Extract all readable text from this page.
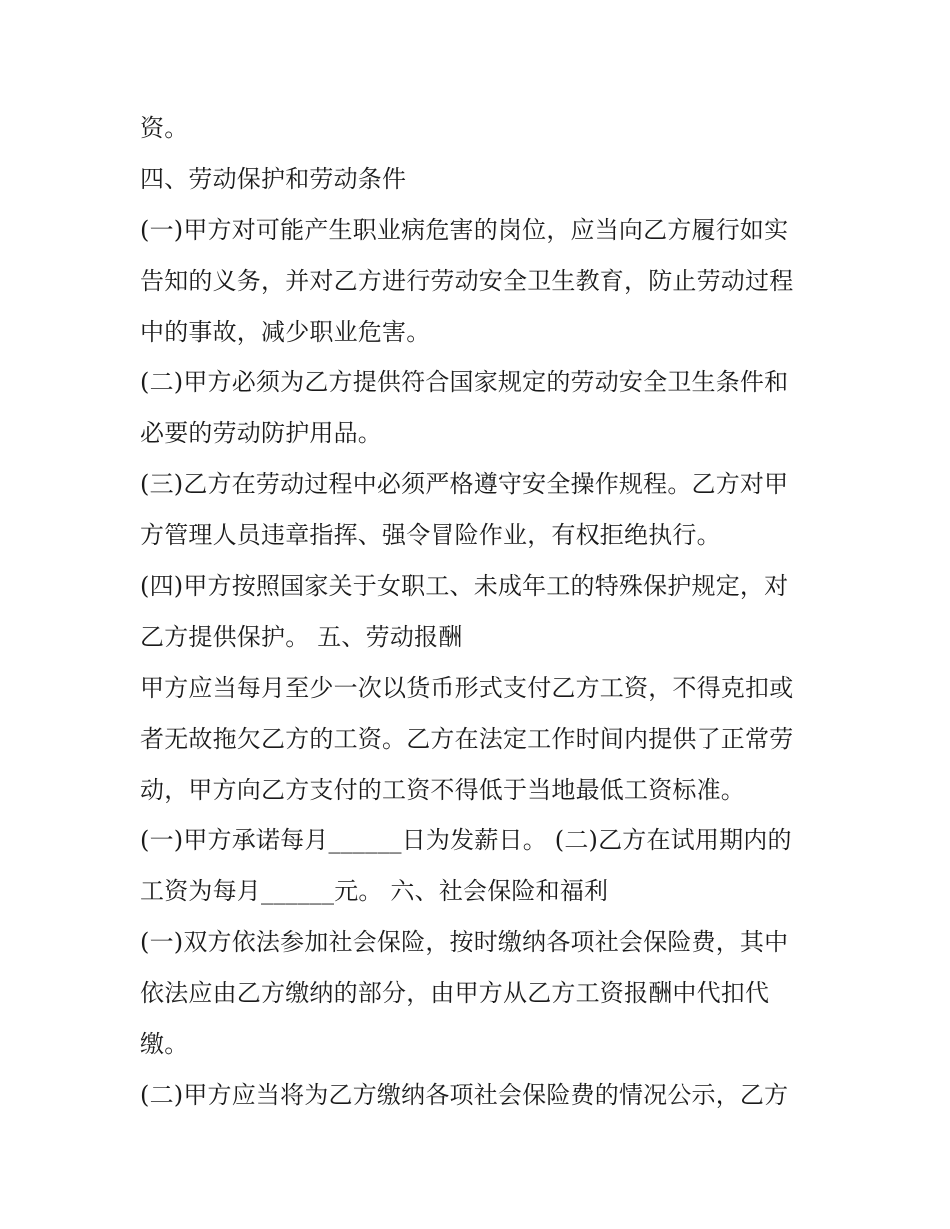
资。
四、劳动保护和劳动条件
(一)甲方对可能产生职业病危害的岗位，应当向乙方履行如实
告知的义务，并对乙方进行劳动安全卫生教育，防止劳动过程
中的事故，减少职业危害。
(二)甲方必须为乙方提供符合国家规定的劳动安全卫生条件和
必要的劳动防护用品。
(三)乙方在劳动过程中必须严格遵守安全操作规程。乙方对甲
方管理人员违章指挥、强令冒险作业，有权拒绝执行。
(四)甲方按照国家关于女职工、未成年工的特殊保护规定，对
乙方提供保护。 五、劳动报酬
甲方应当每月至少一次以货币形式支付乙方工资，不得克扣或
者无故拖欠乙方的工资。乙方在法定工作时间内提供了正常劳
动，甲方向乙方支付的工资不得低于当地最低工资标准。
(一)甲方承诺每月______日为发薪日。 (二)乙方在试用期内的
工资为每月______元。 六、社会保险和福利
(一)双方依法参加社会保险，按时缴纳各项社会保险费，其中
依法应由乙方缴纳的部分，由甲方从乙方工资报酬中代扣代
缴。
(二)甲方应当将为乙方缴纳各项社会保险费的情况公示，乙方
